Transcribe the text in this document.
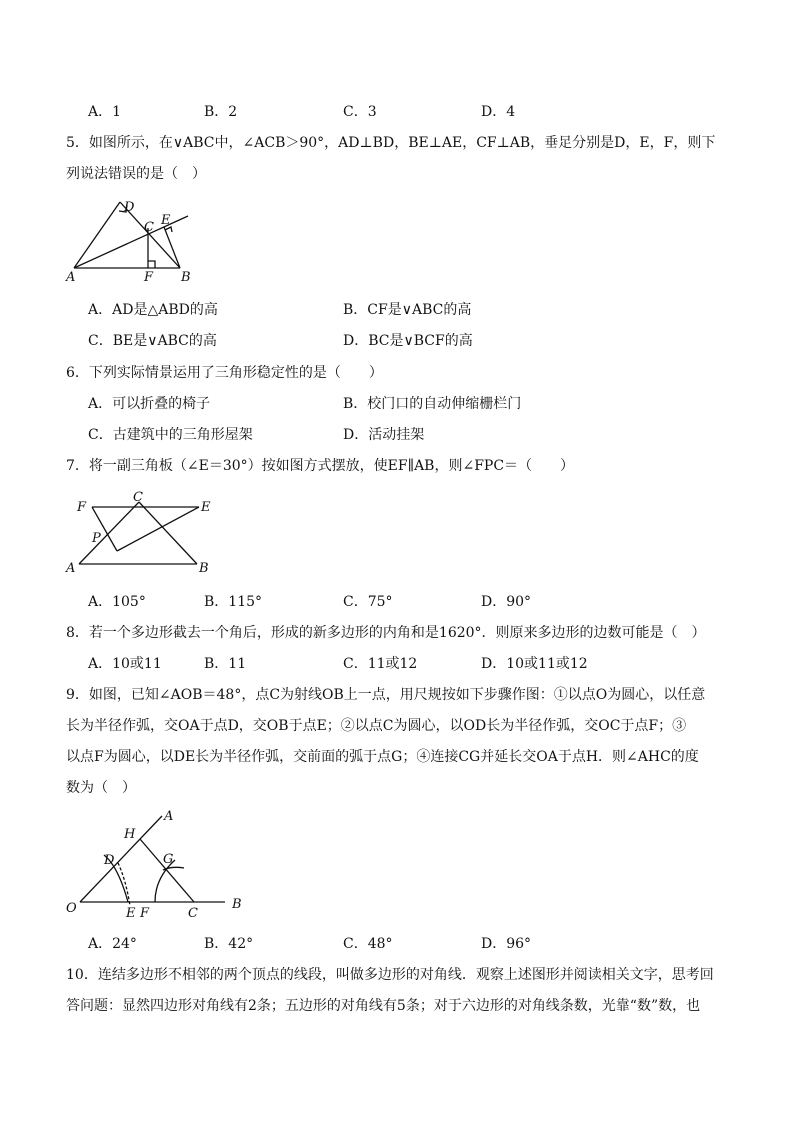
A．1	B．2	C．3	D．4
5．如图所示，在∨ABC中，∠ACB＞90°，AD⊥BD，BE⊥AE，CF⊥AB，垂足分别是D，E，F，则下
列说法错误的是（　）
D
C E
A	F B
A．AD是△ABD的高	B．CF是∨ABC的高
C．BE是∨ABC的高	D．BC是∨BCF的高
6．下列实际情景运用了三角形稳定性的是（　　）
A．可以折叠的椅子	B．校门口的自动伸缩栅栏门
C．古建筑中的三角形屋架	D．活动挂架
7．将一副三角板（∠E＝30°）按如图方式摆放，使EF∥AB，则∠FPC＝（　　）
F
C
E
P
A	B
A．105°	B．115°	C．75°	D．90°
8．若一个多边形截去一个角后，形成的新多边形的内角和是1620°．则原来多边形的边数可能是（　）
A．10或11	B．11	C．11或12	D．10或11或12
9．如图，已知∠AOB＝48°，点C为射线OB上一点，用尺规按如下步骤作图：①以点O为圆心，以任意
长为半径作弧，交OA于点D，交OB于点E；②以点C为圆心，以OD长为半径作弧，交OC于点F；③
以点F为圆心，以DE长为半径作弧，交前面的弧于点G；④连接CG并延长交OA于点H．则∠AHC的度
数为（　）
A
H
D	G
O	E F	C
B
A．24°	B．42°	C．48°	D．96°
10．连结多边形不相邻的两个顶点的线段，叫做多边形的对角线．观察上述图形并阅读相关文字，思考回
答问题：显然四边形对角线有2条；五边形的对角线有5条；对于六边形的对角线条数，光靠“数”数，也
